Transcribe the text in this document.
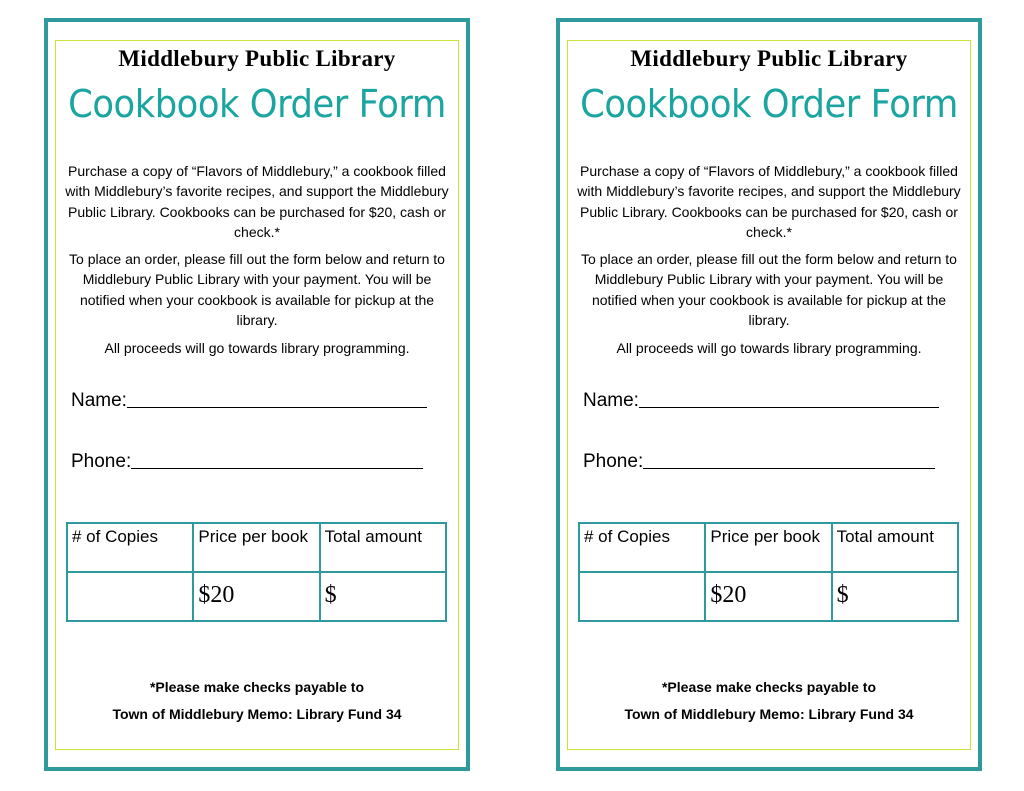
Middlebury Public Library
Cookbook Order Form
Purchase a copy of “Flavors of Middlebury,” a cookbook filled with Middlebury’s favorite recipes, and support the Middlebury Public Library. Cookbooks can be purchased for $20, cash or check.*
To place an order, please fill out the form below and return to Middlebury Public Library with your payment. You will be notified when your cookbook is available for pickup at the library.
All proceeds will go towards library programming.
Name:
Phone:
# of Copies	Price per book	Total amount
	$20	$
*Please make checks payable to
Town of Middlebury Memo: Library Fund 34
Middlebury Public Library
Cookbook Order Form
Purchase a copy of “Flavors of Middlebury,” a cookbook filled with Middlebury’s favorite recipes, and support the Middlebury Public Library. Cookbooks can be purchased for $20, cash or check.*
To place an order, please fill out the form below and return to Middlebury Public Library with your payment. You will be notified when your cookbook is available for pickup at the library.
All proceeds will go towards library programming.
Name:
Phone:
# of Copies	Price per book	Total amount
	$20	$
*Please make checks payable to
Town of Middlebury Memo: Library Fund 34
